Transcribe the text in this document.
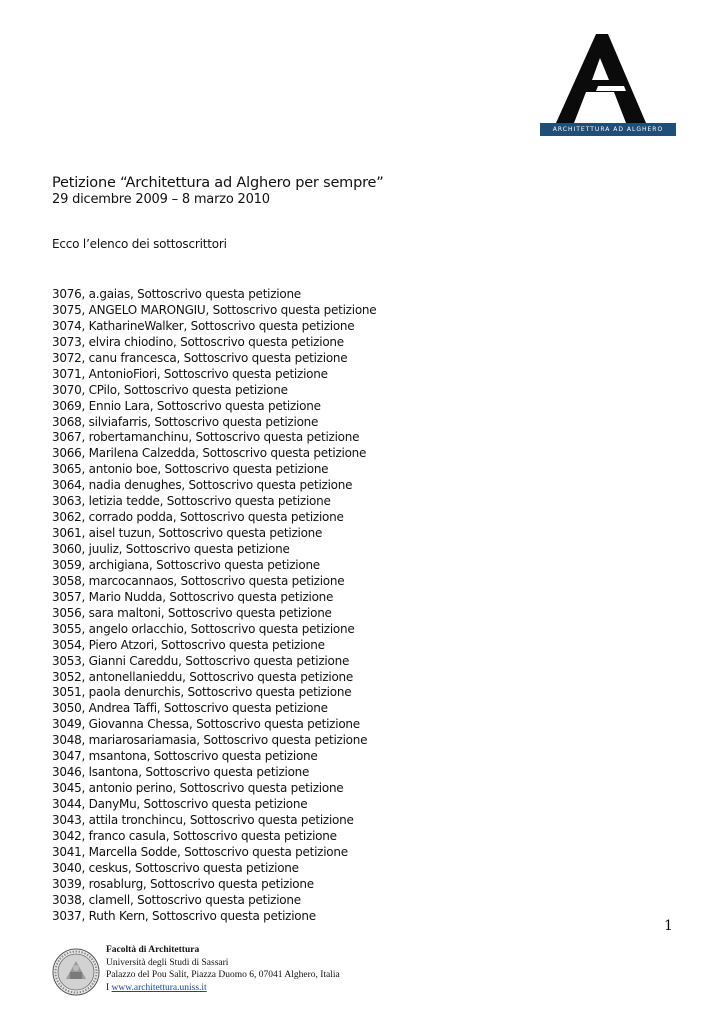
ARCHITETTURA AD ALGHERO
Petizione “Architettura ad Alghero per sempre”
29 dicembre 2009 – 8 marzo 2010
Ecco l’elenco dei sottoscrittori
3076, a.gaias, Sottoscrivo questa petizione
3075, ANGELO MARONGIU, Sottoscrivo questa petizione
3074, KatharineWalker, Sottoscrivo questa petizione
3073, elvira chiodino, Sottoscrivo questa petizione
3072, canu francesca, Sottoscrivo questa petizione
3071, AntonioFiori, Sottoscrivo questa petizione
3070, CPilo, Sottoscrivo questa petizione
3069, Ennio Lara, Sottoscrivo questa petizione
3068, silviafarris, Sottoscrivo questa petizione
3067, robertamanchinu, Sottoscrivo questa petizione
3066, Marilena Calzedda, Sottoscrivo questa petizione
3065, antonio boe, Sottoscrivo questa petizione
3064, nadia denughes, Sottoscrivo questa petizione
3063, letizia tedde, Sottoscrivo questa petizione
3062, corrado podda, Sottoscrivo questa petizione
3061, aisel tuzun, Sottoscrivo questa petizione
3060, juuliz, Sottoscrivo questa petizione
3059, archigiana, Sottoscrivo questa petizione
3058, marcocannaos, Sottoscrivo questa petizione
3057, Mario Nudda, Sottoscrivo questa petizione
3056, sara maltoni, Sottoscrivo questa petizione
3055, angelo orlacchio, Sottoscrivo questa petizione
3054, Piero Atzori, Sottoscrivo questa petizione
3053, Gianni Careddu, Sottoscrivo questa petizione
3052, antonellanieddu, Sottoscrivo questa petizione
3051, paola denurchis, Sottoscrivo questa petizione
3050, Andrea Taffi, Sottoscrivo questa petizione
3049, Giovanna Chessa, Sottoscrivo questa petizione
3048, mariarosariamasia, Sottoscrivo questa petizione
3047, msantona, Sottoscrivo questa petizione
3046, lsantona, Sottoscrivo questa petizione
3045, antonio perino, Sottoscrivo questa petizione
3044, DanyMu, Sottoscrivo questa petizione
3043, attila tronchincu, Sottoscrivo questa petizione
3042, franco casula, Sottoscrivo questa petizione
3041, Marcella Sodde, Sottoscrivo questa petizione
3040, ceskus, Sottoscrivo questa petizione
3039, rosablurg, Sottoscrivo questa petizione
3038, clamell, Sottoscrivo questa petizione
3037, Ruth Kern, Sottoscrivo questa petizione
1
Facoltà di Architettura
Università degli Studi di Sassari
Palazzo del Pou Salit, Piazza Duomo 6, 07041 Alghero, Italia
I www.architettura.uniss.it
